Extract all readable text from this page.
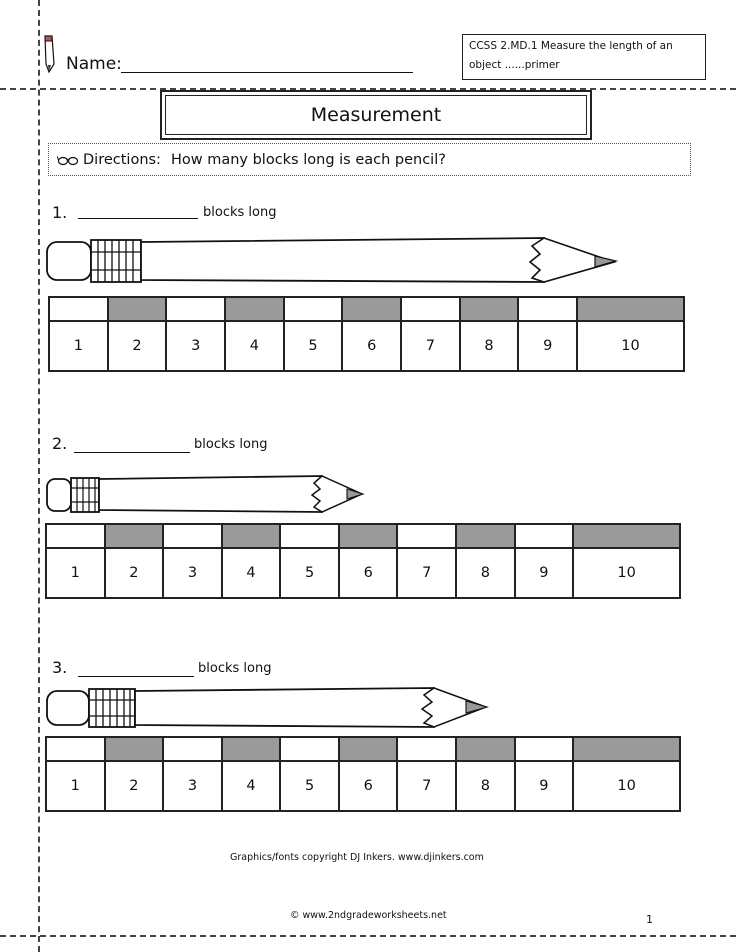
Name:
CCSS 2.MD.1 Measure the length of an
object ......primer
Measurement
Directions: How many blocks long is each pencil?
1.	blocks long

1	2	3	4	5	6	7	8	9	10
2.	blocks long

1	2	3	4	5	6	7	8	9	10
3.	blocks long

1	2	3	4	5	6	7	8	9	10
Graphics/fonts copyright DJ Inkers. www.djinkers.com
© www.2ndgradeworksheets.net	1
